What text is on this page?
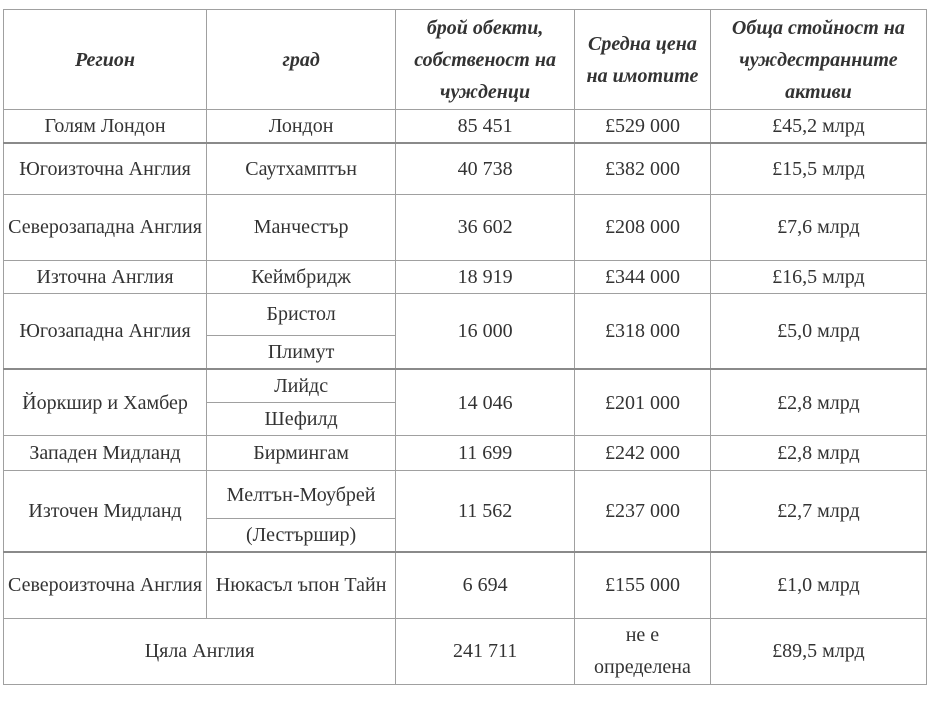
Регион	град	брой обекти, собственост на чужденци	Средна цена на имотите	Обща стойност на чуждестранните активи
Голям Лондон	Лондон	85 451	£529 000	£45,2 млрд
Югоизточна Англия	Саутхамптън	40 738	£382 000	£15,5 млрд
Северозападна Англия	Манчестър	36 602	£208 000	£7,6 млрд
Източна Англия	Кеймбридж	18 919	£344 000	£16,5 млрд
Югозападна Англия	Бристол	16 000	£318 000	£5,0 млрд
	Плимут			
Йоркшир и Хамбер	Лийдс	14 046	£201 000	£2,8 млрд
	Шефилд			
Западен Мидланд	Бирмингам	11 699	£242 000	£2,8 млрд
Източен Мидланд	Мелтън-Моубрей	11 562	£237 000	£2,7 млрд
	(Лестършир)			
Североизточна Англия	Нюкасъл ъпон Тайн	6 694	£155 000	£1,0 млрд
Цяла Англия		241 711	не е определена	£89,5 млрд
